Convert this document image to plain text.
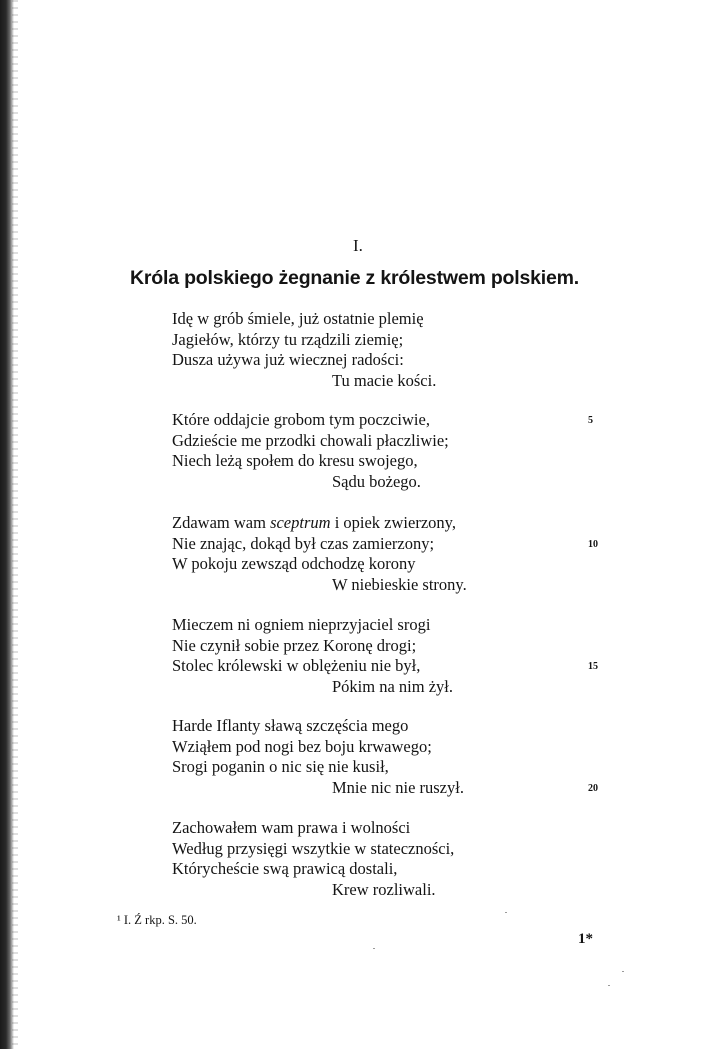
I.

Króla polskiego żegnanie z królestwem polskiem.
Idę w grób śmiele, już ostatnie plemię
Jagiełów, którzy tu rządzili ziemię;
Dusza używa już wiecznej radości:
Tu macie kości.
Które oddajcie grobom tym poczciwie,	5
Gdzieście me przodki chowali płaczliwie;
Niech leżą społem do kresu swojego,
Sądu bożego.
Zdawam wam sceptrum i opiek zwierzony,
Nie znając, dokąd był czas zamierzony;	10
W pokoju zewsząd odchodzę korony
W niebieskie strony.
Mieczem ni ogniem nieprzyjaciel srogi
Nie czynił sobie przez Koronę drogi;
Stolec królewski w oblężeniu nie był,	15
Pókim na nim żył.
Harde Iflanty sławą szczęścia mego
Wziąłem pod nogi bez boju krwawego;
Srogi poganin o nic się nie kusił,
Mnie nic nie ruszył.	20
Zachowałem wam prawa i wolności
Według przysięgi wszytkie w stateczności,
Którycheście swą prawicą dostali,
Krew rozliwali.

¹ I. Ź rkp. S. 50.

1*
